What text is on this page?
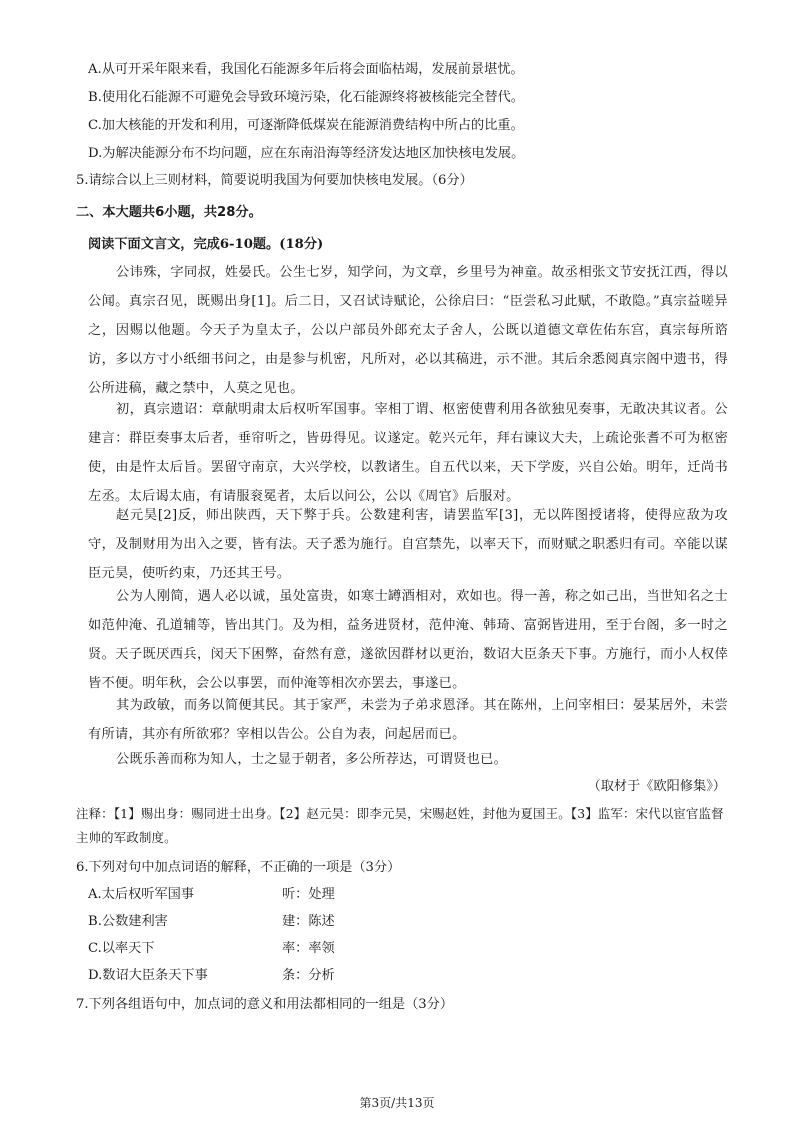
A.从可开采年限来看，我国化石能源多年后将会面临枯竭，发展前景堪忧。
B.使用化石能源不可避免会导致环境污染，化石能源终将被核能完全替代。
C.加大核能的开发和利用，可逐渐降低煤炭在能源消费结构中所占的比重。
D.为解决能源分布不均问题，应在东南沿海等经济发达地区加快核电发展。
5.请综合以上三则材料，简要说明我国为何要加快核电发展。（6分）
二、本大题共6小题，共28分。
阅读下面文言文，完成6-10题。(18分)
公讳殊，字同叔，姓晏氏。公生七岁，知学问，为文章，乡里号为神童。故丞相张文节安抚江西，得以公闻。真宗召见，既赐出身[1]。后二日，又召试诗赋论，公徐启曰：“臣尝私习此赋，不敢隐。”真宗益嗟异之，因赐以他题。今天子为皇太子，公以户部员外郎充太子舍人，公既以道德文章佐佑东宫，真宗每所谘访，多以方寸小纸细书问之，由是参与机密，凡所对，必以其稿进，示不泄。其后余悉阅真宗阁中遗书，得公所进稿，藏之禁中，人莫之见也。
初，真宗遗诏：章献明肃太后权听军国事。宰相丁谓、枢密使曹利用各欲独见奏事，无敢决其议者。公建言：群臣奏事太后者，垂帘听之，皆毋得见。议遂定。乾兴元年，拜右谏议大夫，上疏论张耆不可为枢密使，由是忤太后旨。罢留守南京，大兴学校，以教诸生。自五代以来，天下学废，兴自公始。明年，迁尚书左丞。太后谒太庙，有请服衮冕者，太后以问公，公以《周官》后服对。
赵元昊[2]反，师出陕西，天下弊于兵。公数建利害，请罢监军[3]，无以阵图授诸将，使得应敌为攻守，及制财用为出入之要，皆有法。天子悉为施行。自宫禁先，以率天下，而财赋之职悉归有司。卒能以谋臣元昊，使听约束，乃还其王号。
公为人刚简，遇人必以诚，虽处富贵，如寒士罇酒相对，欢如也。得一善，称之如己出，当世知名之士如范仲淹、孔道辅等，皆出其门。及为相，益务进贤材，范仲淹、韩琦、富弼皆进用，至于台阁，多一时之贤。天子既厌西兵，闵天下困弊，奋然有意，遂欲因群材以更治，数诏大臣条天下事。方施行，而小人权倖皆不便。明年秋，会公以事罢，而仲淹等相次亦罢去，事遂已。
其为政敏，而务以简便其民。其于家严，未尝为子弟求恩泽。其在陈州，上问宰相曰：晏某居外，未尝有所请，其亦有所欲邪？宰相以告公。公自为表，问起居而已。
公既乐善而称为知人，士之显于朝者，多公所荐达，可谓贤也已。
（取材于《欧阳修集》）
注释：【1】赐出身：赐同进士出身。【2】赵元昊：即李元昊，宋赐赵姓，封他为夏国王。【3】监军：宋代以宦官监督主帅的军政制度。
6.下列对句中加点词语的解释，不正确的一项是（3分）
A.太后权听军国事	听：处理
B.公数建利害	建：陈述
C.以率天下	率：率领
D.数诏大臣条天下事	条：分析
7.下列各组语句中，加点词的意义和用法都相同的一组是（3分）
第3页/共13页
